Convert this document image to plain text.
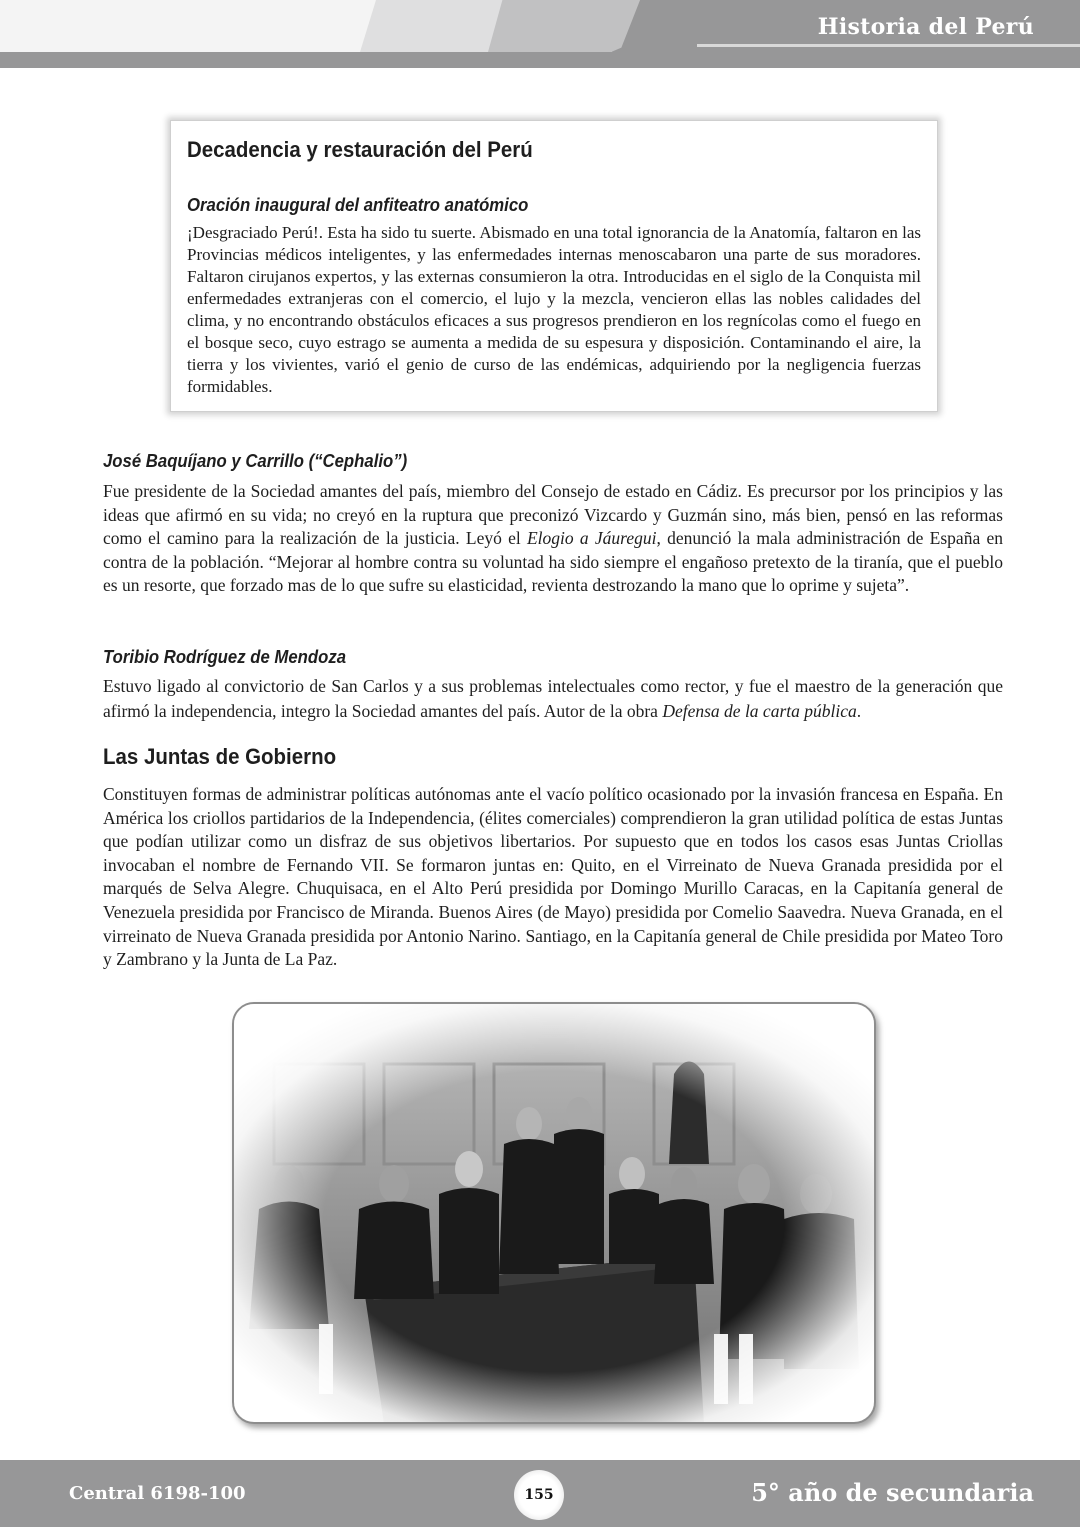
Historia del Perú
Decadencia y restauración del Perú
Oración inaugural del anfiteatro anatómico
¡Desgraciado Perú!. Esta ha sido tu suerte. Abismado en una total ignorancia de la Anatomía, faltaron en las Provincias médicos inteligentes, y las enfermedades internas menoscabaron una parte de sus moradores. Faltaron cirujanos expertos, y las externas consumieron la otra. Introducidas en el siglo de la Conquista mil enfermedades extranjeras con el comercio, el lujo y la mezcla, vencieron ellas las nobles calidades del clima, y no encontrando obstáculos eficaces a sus progresos prendieron en los regnícolas como el fuego en el bosque seco, cuyo estrago se aumenta a medida de su espesura y disposición. Contaminando el aire, la tierra y los vivientes, varió el genio de curso de las endémicas, adquiriendo por la negligencia fuerzas formidables.
José Baquíjano y Carrillo (“Cephalio”)
Fue presidente de la Sociedad amantes del país, miembro del Consejo de estado en Cádiz. Es precursor por los principios y las ideas que afirmó en su vida; no creyó en la ruptura que preconizó Vizcardo y Guzmán sino, más bien, pensó en las reformas como el camino para la realización de la justicia. Leyó el Elogio a Jáuregui, denunció la mala administración de España en contra de la población. “Mejorar al hombre contra su voluntad ha sido siempre el engañoso pretexto de la tiranía, que el pueblo es un resorte, que forzado mas de lo que sufre su elasticidad, revienta destrozando la mano que lo oprime y sujeta”.
Toribio Rodríguez de Mendoza
Estuvo ligado al convictorio de San Carlos y a sus problemas intelectuales como rector, y fue el maestro de la generación que afirmó la independencia, integro la Sociedad amantes del país. Autor de la obra Defensa de la carta pública.
Las Juntas de Gobierno
Constituyen formas de administrar políticas autónomas ante el vacío político ocasionado por la invasión francesa en España. En América los criollos partidarios de la Independencia, (élites comerciales) comprendieron la gran utilidad política de estas Juntas que podían utilizar como un disfraz de sus objetivos libertarios. Por supuesto que en todos los casos esas Juntas Criollas invocaban el nombre de Fernando VII. Se formaron juntas en: Quito, en el Virreinato de Nueva Granada presidida por el marqués de Selva Alegre. Chuquisaca, en el Alto Perú presidida por Domingo Murillo Caracas, en la Capitanía general de Venezuela presidida por Francisco de Miranda. Buenos Aires (de Mayo) presidida por Comelio Saavedra. Nueva Granada, en el virreinato de Nueva Granada presidida por Antonio Narino. Santiago, en la Capitanía general de Chile presidida por Mateo Toro y Zambrano y la Junta de La Paz.
Central 6198-100	155	5° año de secundaria
